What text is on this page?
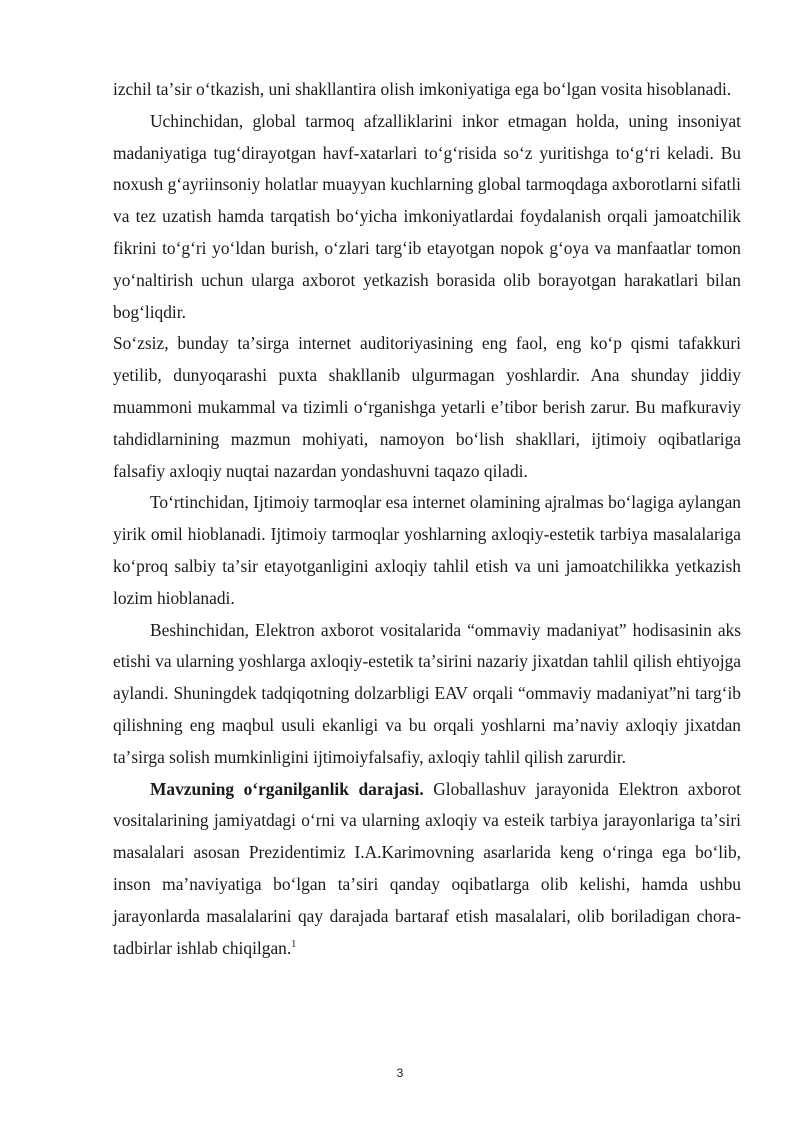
izchil taʼsir oʻtkazish, uni shakllantira olish imkoniyatiga ega boʻlgan vosita hisoblanadi.

Uchinchidan, global tarmoq afzalliklarini inkor etmagan holda, uning insoniyat madaniyatiga tugʻdirayotgan havf-xatarlari toʻgʻrisida soʻz yuritishga toʻgʻri keladi. Bu noxush gʻayriinsoniy holatlar muayyan kuchlarning global tarmoqdaga axborotlarni sifatli va tez uzatish hamda tarqatish boʻyicha imkoniyatlardai foydalanish orqali jamoatchilik fikrini toʻgʻri yoʻldan burish, oʻzlari targʻib etayotgan nopok gʻoya va manfaatlar tomon yoʻnaltirish uchun ularga axborot yetkazish borasida olib borayotgan harakatlari bilan bogʻliqdir.

Soʻzsiz, bunday taʼsirga internet auditoriyasining eng faol, eng koʻp qismi tafakkuri yetilib, dunyoqarashi puxta shakllanib ulgurmagan yoshlardir. Ana shunday jiddiy muammoni mukammal va tizimli oʻrganishga yetarli eʼtibor berish zarur. Bu mafkuraviy tahdidlarnining mazmun mohiyati, namoyon boʻlish shakllari, ijtimoiy oqibatlariga falsafiy axloqiy nuqtai nazardan yondashuvni taqazo qiladi.

Toʻrtinchidan, Ijtimoiy tarmoqlar esa internet olamining ajralmas boʻlagiga aylangan yirik omil hioblanadi. Ijtimoiy tarmoqlar yoshlarning axloqiy-estetik tarbiya masalalariga koʻproq salbiy taʼsir etayotganligini axloqiy tahlil etish va uni jamoatchilikka yetkazish lozim hioblanadi.

Beshinchidan, Elektron axborot vositalarida “ommaviy madaniyat” hodisasinin aks etishi va ularning yoshlarga axloqiy-estetik taʼsirini nazariy jixatdan tahlil qilish ehtiyojga aylandi. Shuningdek tadqiqotning dolzarbligi EAV orqali “ommaviy madaniyat”ni targʻib qilishning eng maqbul usuli ekanligi va bu orqali yoshlarni maʼnaviy axloqiy jixatdan taʼsirga solish mumkinligini ijtimoiyfalsafiy, axloqiy tahlil qilish zarurdir.

Mavzuning oʻrganilganlik darajasi. Globallashuv jarayonida Elektron axborot vositalarining jamiyatdagi oʻrni va ularning axloqiy va esteik tarbiya jarayonlariga taʼsiri masalalari asosan Prezidentimiz I.A.Karimovning asarlarida keng oʻringa ega boʻlib, inson maʼnaviyatiga boʻlgan taʼsiri qanday oqibatlarga olib kelishi, hamda ushbu jarayonlarda masalalarini qay darajada bartaraf etish masalalari, olib boriladigan chora-tadbirlar ishlab chiqilgan.$^1$

3
